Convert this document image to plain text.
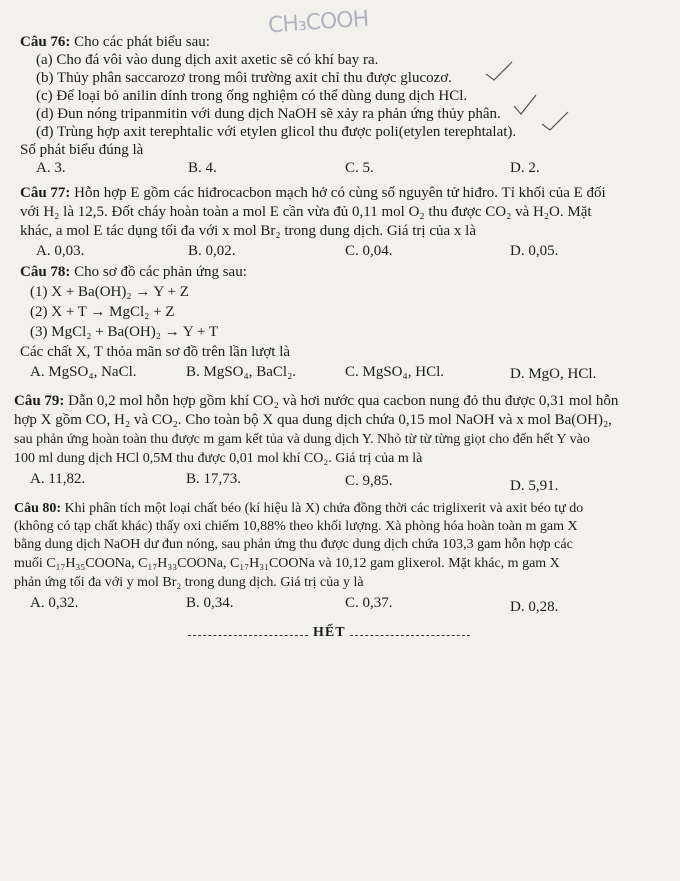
CH₃COOH
Câu 76: Cho các phát biểu sau:
(a) Cho đá vôi vào dung dịch axit axetic sẽ có khí bay ra.
(b) Thủy phân saccarozơ trong môi trường axit chỉ thu được glucozơ.
(c) Để loại bỏ anilin dính trong ống nghiệm có thể dùng dung dịch HCl.
(d) Đun nóng tripanmitin với dung dịch NaOH sẽ xảy ra phản ứng thủy phân.
(đ) Trùng hợp axit terephtalic với etylen glicol thu được poli(etylen terephtalat).
Số phát biểu đúng là
A. 3.	B. 4.	C. 5.	D. 2.
Câu 77: Hỗn hợp E gồm các hiđrocacbon mạch hở có cùng số nguyên tử hiđro. Tỉ khối của E đối
với H₂ là 12,5. Đốt cháy hoàn toàn a mol E cần vừa đủ 0,11 mol O₂ thu được CO₂ và H₂O. Mặt
khác, a mol E tác dụng tối đa với x mol Br₂ trong dung dịch. Giá trị của x là
A. 0,03.	B. 0,02.	C. 0,04.	D. 0,05.
Câu 78: Cho sơ đồ các phản ứng sau:
(1) X + Ba(OH)₂ → Y + Z
(2) X + T → MgCl₂ + Z
(3) MgCl₂ + Ba(OH)₂ → Y + T
Các chất X, T thỏa mãn sơ đồ trên lần lượt là
A. MgSO₄, NaCl.	B. MgSO₄, BaCl₂.	C. MgSO₄, HCl.	D. MgO, HCl.
Câu 79: Dẫn 0,2 mol hỗn hợp gồm khí CO₂ và hơi nước qua cacbon nung đỏ thu được 0,31 mol hỗn
hợp X gồm CO, H₂ và CO₂. Cho toàn bộ X qua dung dịch chứa 0,15 mol NaOH và x mol Ba(OH)₂,
sau phản ứng hoàn toàn thu được m gam kết tủa và dung dịch Y. Nhỏ từ từ từng giọt cho đến hết Y vào
100 ml dung dịch HCl 0,5M thu được 0,01 mol khí CO₂. Giá trị của m là
A. 11,82.	B. 17,73.	C. 9,85.	D. 5,91.
Câu 80: Khi phân tích một loại chất béo (kí hiệu là X) chứa đồng thời các triglixerit và axit béo tự do
(không có tạp chất khác) thấy oxi chiếm 10,88% theo khối lượng. Xà phòng hóa hoàn toàn m gam X
bằng dung dịch NaOH dư đun nóng, sau phản ứng thu được dung dịch chứa 103,3 gam hỗn hợp các
muối C₁₇H₃₅COONa, C₁₇H₃₃COONa, C₁₇H₃₁COONa và 10,12 gam glixerol. Mặt khác, m gam X
phản ứng tối đa với y mol Br₂ trong dung dịch. Giá trị của y là
A. 0,32.	B. 0,34.	C. 0,37.	D. 0,28.
HẾT
